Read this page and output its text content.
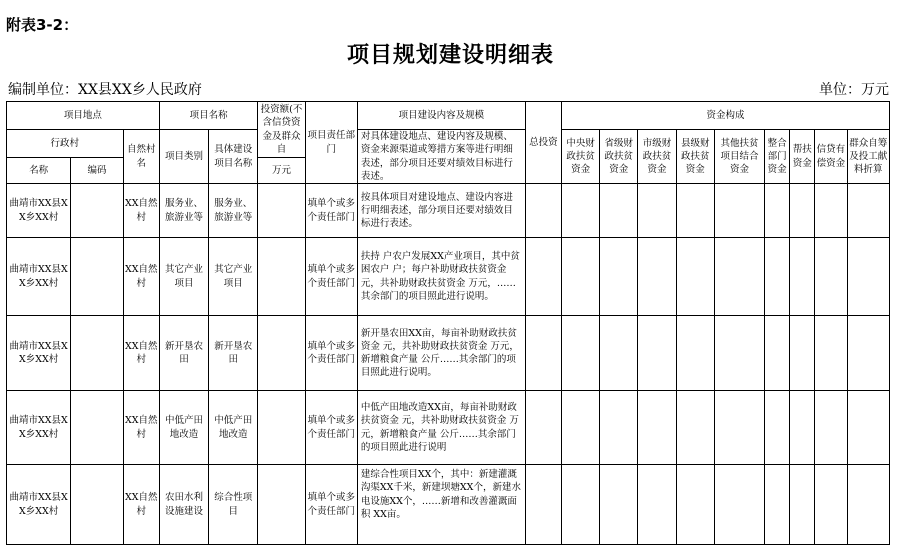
附表3-2：
项目规划建设明细表
编制单位：XX县XX乡人民政府	单位：万元
项目地点			项目名称		投资额(不含信贷资金及群众自	项目责任部门	项目建设内容及规模	总投资	资金构成								
行政村		自然村名	项目类别	具体建设项目名称			对具体建设地点、建设内容及规模、资金来源渠道或筹措方案等进行明细表述，部分项目还要对绩效目标进行表述。		中央财政扶贫资金	省级财政扶贫资金	市级财政扶贫资金	县级财政扶贫资金	其他扶贫项目结合资金	整合部门资金	帮扶资金	信贷有偿资金	群众自筹及投工献料折算
名称	编码				万元												
曲靖市XX县XX乡XX村		XX自然村	服务业、旅游业等	服务业、旅游业等		填单个或多个责任部门	按具体项目对建设地点、建设内容进行明细表述，部分项目还要对绩效目标进行表述。										
曲靖市XX县XX乡XX村		XX自然村	其它产业项目	其它产业项目		填单个或多个责任部门	扶持 户农户发展XX产业项目，其中贫困农户 户；每户补助财政扶贫资金 元，共补助财政扶贫资金 万元，……其余部门的项目照此进行说明。										
曲靖市XX县XX乡XX村		XX自然村	新开垦农田	新开垦农田		填单个或多个责任部门	新开垦农田XX亩，每亩补助财政扶贫资金 元，共补助财政扶贫资金 万元，新增粮食产量 公斤……其余部门的项目照此进行说明。										
曲靖市XX县XX乡XX村		XX自然村	中低产田地改造	中低产田地改造		填单个或多个责任部门	中低产田地改造XX亩，每亩补助财政扶贫资金 元，共补助财政扶贫资金 万元，新增粮食产量 公斤……其余部门的项目照此进行说明										
曲靖市XX县XX乡XX村		XX自然村	农田水利设施建设	综合性项目		填单个或多个责任部门	建综合性项目XX个，其中：新建灌溉沟渠XX千米，新建坝塘XX个，新建水电设施XX个，……新增和改善灌溉面积 XX亩。										
